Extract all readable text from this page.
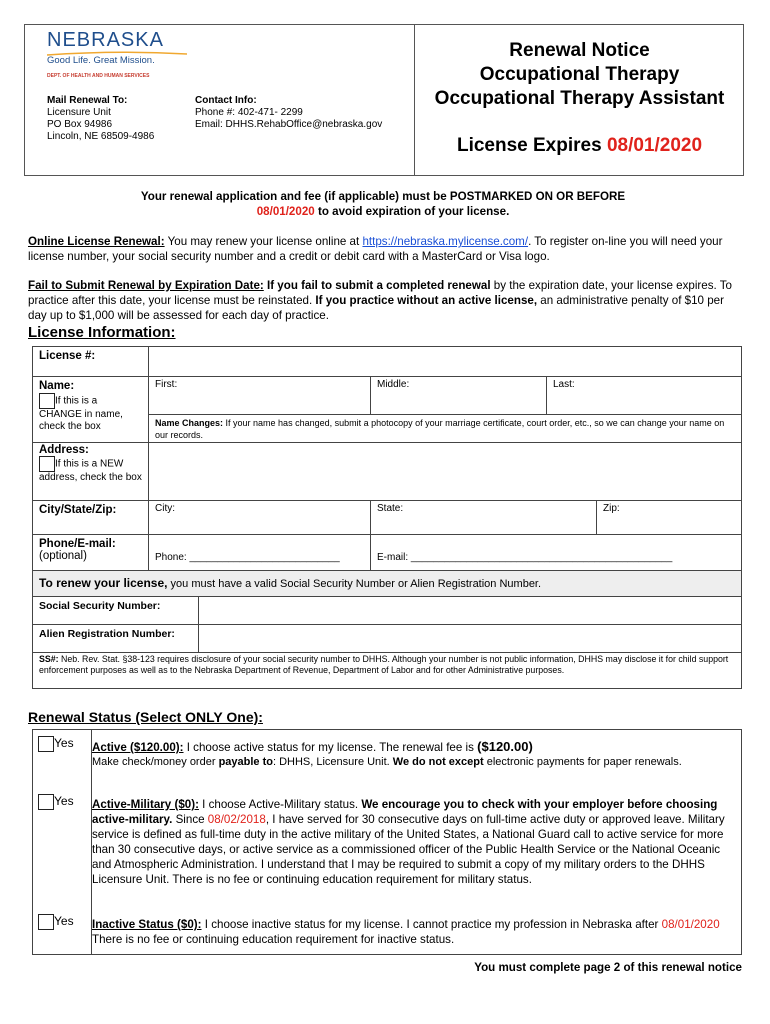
NEBRASKA
Good Life. Great Mission.
DEPT. OF HEALTH AND HUMAN SERVICES
Mail Renewal To:
Licensure Unit
PO Box 94986
Lincoln, NE 68509-4986
Contact Info:
Phone #: 402-471- 2299
Email: DHHS.RehabOffice@nebraska.gov
Renewal Notice
Occupational Therapy
Occupational Therapy Assistant
License Expires 08/01/2020
Your renewal application and fee (if applicable) must be POSTMARKED ON OR BEFORE
08/01/2020 to avoid expiration of your license.
Online License Renewal: You may renew your license online at https://nebraska.mylicense.com/. To register on-line you will need your license number, your social security number and a credit or debit card with a MasterCard or Visa logo.
Fail to Submit Renewal by Expiration Date: If you fail to submit a completed renewal by the expiration date, your license expires. To practice after this date, your license must be reinstated. If you practice without an active license, an administrative penalty of $10 per day up to $1,000 will be assessed for each day of practice.
License Information:
License #:
Name:
If this is a CHANGE in name, check the box
First:	Middle:	Last:
Name Changes: If your name has changed, submit a photocopy of your marriage certificate, court order, etc., so we can change your name on our records.
Address:
If this is a NEW address, check the box
City/State/Zip:	City:	State:	Zip:
Phone/E-mail:
(optional)	Phone: ___________________________	E-mail: _______________________________________________
To renew your license, you must have a valid Social Security Number or Alien Registration Number.
Social Security Number:
Alien Registration Number:
SS#: Neb. Rev. Stat. §38-123 requires disclosure of your social security number to DHHS. Although your number is not public information, DHHS may disclose it for child support enforcement purposes as well as to the Nebraska Department of Revenue, Department of Labor and for other Administrative purposes.
Renewal Status (Select ONLY One):
Yes Active ($120.00): I choose active status for my license. The renewal fee is ($120.00)
Make check/money order payable to: DHHS, Licensure Unit. We do not except electronic payments for paper renewals.
Yes Active-Military ($0): I choose Active-Military status. We encourage you to check with your employer before choosing active-military. Since 08/02/2018, I have served for 30 consecutive days on full-time active duty or approved leave. Military service is defined as full-time duty in the active military of the United States, a National Guard call to active service for more than 30 consecutive days, or active service as a commissioned officer of the Public Health Service or the National Oceanic and Atmospheric Administration. I understand that I may be required to submit a copy of my military orders to the DHHS Licensure Unit. There is no fee or continuing education requirement for military status.
Yes Inactive Status ($0): I choose inactive status for my license. I cannot practice my profession in Nebraska after 08/01/2020 There is no fee or continuing education requirement for inactive status.
You must complete page 2 of this renewal notice
